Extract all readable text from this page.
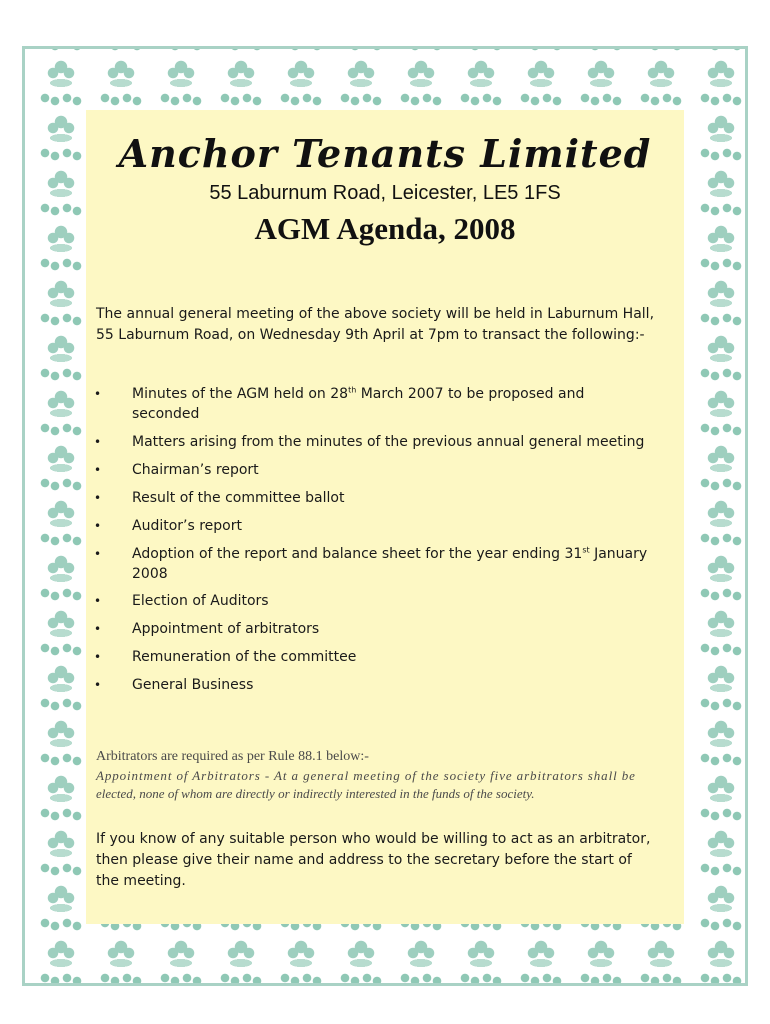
Anchor Tenants Limited
55 Laburnum Road, Leicester, LE5 1FS
AGM Agenda, 2008
The annual general meeting of the above society will be held in Laburnum Hall,
55 Laburnum Road, on Wednesday 9th April at 7pm to transact the following:-
• Minutes of the AGM held on 28th March 2007 to be proposed and
seconded
• Matters arising from the minutes of the previous annual general meeting
• Chairman’s report
• Result of the committee ballot
• Auditor’s report
• Adoption of the report and balance sheet for the year ending 31st January
2008
• Election of Auditors
• Appointment of arbitrators
• Remuneration of the committee
• General Business
Arbitrators are required as per Rule 88.1 below:-
Appointment of Arbitrators - At a general meeting of the society five arbitrators shall be
elected, none of whom are directly or indirectly interested in the funds of the society.
If you know of any suitable person who would be willing to act as an arbitrator,
then please give their name and address to the secretary before the start of
the meeting.
